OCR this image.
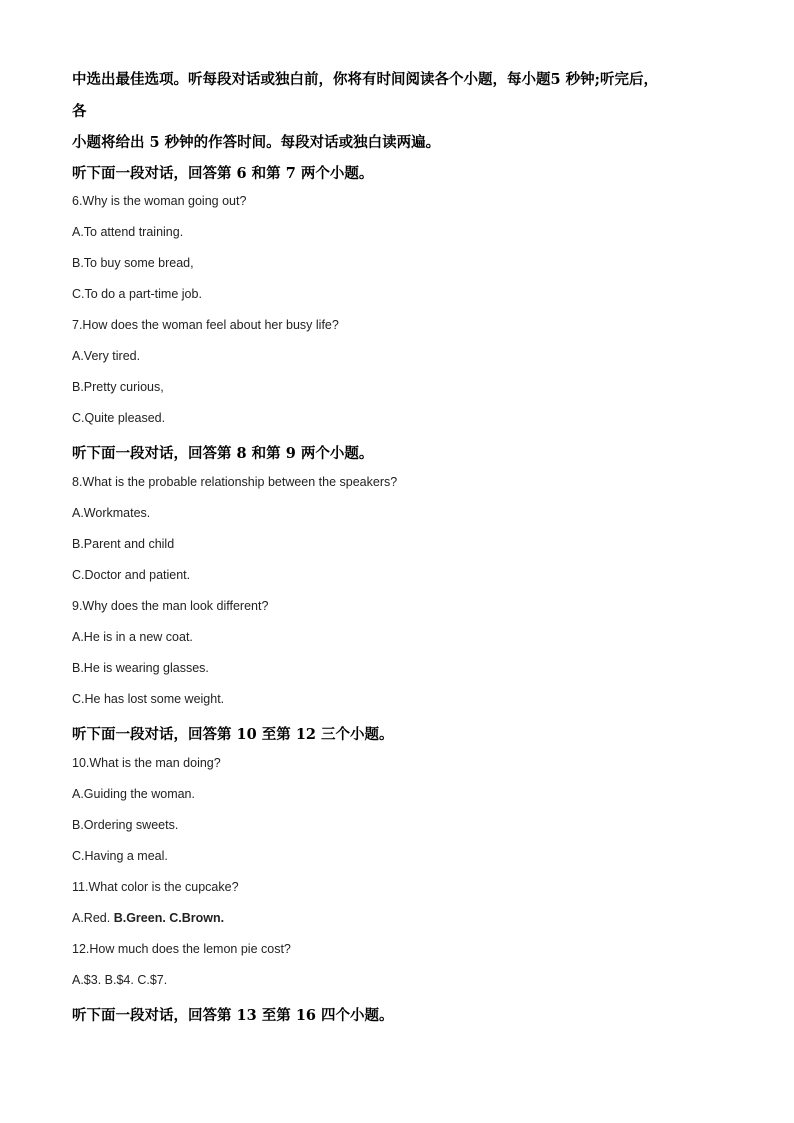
中选出最佳选项。听每段对话或独白前，你将有时间阅读各个小题，每小题5 秒钟;听完后，
各
小题将给出 5 秒钟的作答时间。每段对话或独白读两遍。
听下面一段对话，回答第 6 和第 7 两个小题。
6.Why is the woman going out?
A.To attend training.
B.To buy some bread,
C.To do a part-time job.
7.How does the woman feel about her busy life?
A.Very tired.
B.Pretty curious,
C.Quite pleased.
听下面一段对话，回答第 8 和第 9 两个小题。
8.What is the probable relationship between the speakers?
A.Workmates.
B.Parent and child
C.Doctor and patient.
9.Why does the man look different?
A.He is in a new coat.
B.He is wearing glasses.
C.He has lost some weight.
听下面一段对话，回答第 10 至第 12 三个小题。
10.What is the man doing?
A.Guiding the woman.
B.Ordering sweets.
C.Having a meal.
11.What color is the cupcake?
A.Red. B.Green. C.Brown.
12.How much does the lemon pie cost?
A.$3. B.$4. C.$7.
听下面一段对话，回答第 13 至第 16 四个小题。
